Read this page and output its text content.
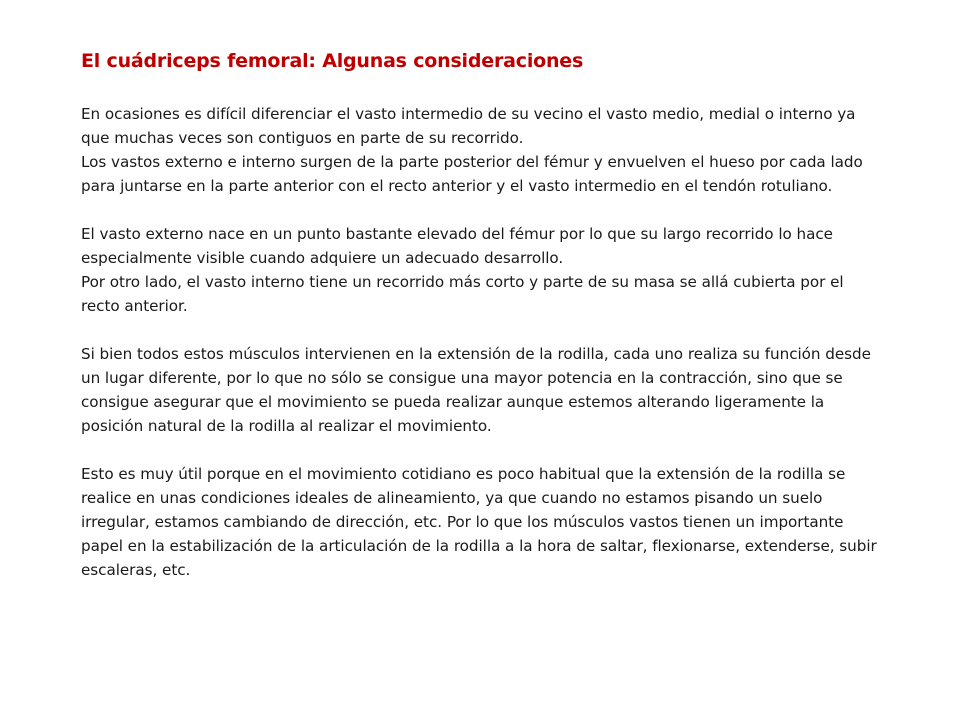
El cuádriceps femoral: Algunas consideraciones

En ocasiones es difícil diferenciar el vasto intermedio de su vecino el vasto medio, medial o interno ya que muchas veces son contiguos en parte de su recorrido.

Los vastos externo e interno surgen de la parte posterior del fémur y envuelven el hueso por cada lado para juntarse en la parte anterior con el recto anterior y el vasto intermedio en el tendón rotuliano.

El vasto externo nace en un punto bastante elevado del fémur por lo que su largo recorrido lo hace especialmente visible cuando adquiere un adecuado desarrollo.

Por otro lado, el vasto interno tiene un recorrido más corto y parte de su masa se allá cubierta por el recto anterior.

Si bien todos estos músculos intervienen en la extensión de la rodilla, cada uno realiza su función desde un lugar diferente, por lo que no sólo se consigue una mayor potencia en la contracción, sino que se consigue asegurar que el movimiento se pueda realizar aunque estemos alterando ligeramente la posición natural de la rodilla al realizar el movimiento.

Esto es muy útil porque en el movimiento cotidiano es poco habitual que la extensión de la rodilla se realice en unas condiciones ideales de alineamiento, ya que cuando no estamos pisando un suelo irregular, estamos cambiando de dirección, etc. Por lo que los músculos vastos tienen un importante papel en la estabilización de la articulación de la rodilla a la hora de saltar, flexionarse, extenderse, subir escaleras, etc.
